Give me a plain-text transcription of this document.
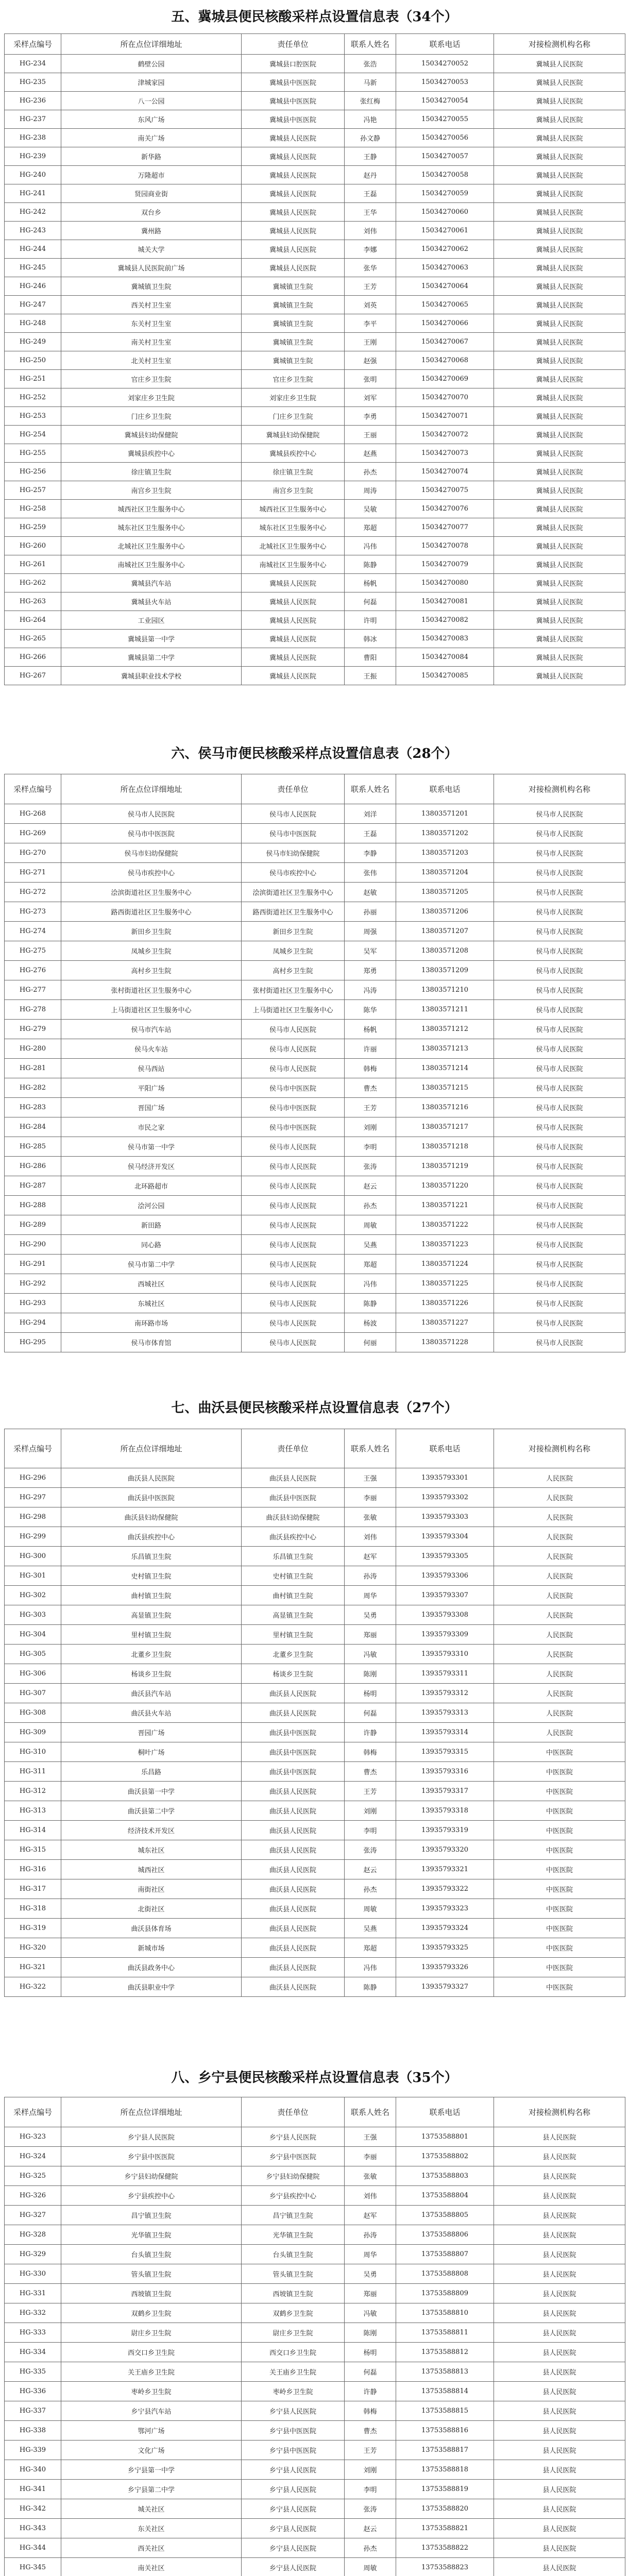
五、冀城县便民核酸采样点设置信息表（34个）
采样点编号	所在点位详细地址	责任单位	联系人姓名	联系电话	对接检测机构名称
HG-234	鹤壁公园	冀城县口腔医院	张浩	15034270052	冀城县人民医院
HG-235	津城家园	冀城县中医医院	马新	15034270053	冀城县人民医院
HG-236	八一公园	冀城县中医医院	张红梅	15034270054	冀城县人民医院
HG-237	东风广场	冀城县中医医院	冯艳	15034270055	冀城县人民医院
HG-238	南关广场	冀城县人民医院	孙文静	15034270056	冀城县人民医院
HG-239	新华路	冀城县人民医院	王静	15034270057	冀城县人民医院
HG-240	万隆超市	冀城县人民医院	赵丹	15034270058	冀城县人民医院
HG-241	贤园商业街	冀城县人民医院	王磊	15034270059	冀城县人民医院
HG-242	双台乡	冀城县人民医院	王华	15034270060	冀城县人民医院
HG-243	冀州路	冀城县人民医院	刘伟	15034270061	冀城县人民医院
HG-244	城关大学	冀城县人民医院	李娜	15034270062	冀城县人民医院
HG-245	冀城县人民医院前广场	冀城县人民医院	张华	15034270063	冀城县人民医院
HG-246	冀城镇卫生院	冀城镇卫生院	王芳	15034270064	冀城县人民医院
HG-247	西关村卫生室	冀城镇卫生院	刘英	15034270065	冀城县人民医院
HG-248	东关村卫生室	冀城镇卫生院	李平	15034270066	冀城县人民医院
HG-249	南关村卫生室	冀城镇卫生院	王刚	15034270067	冀城县人民医院
HG-250	北关村卫生室	冀城镇卫生院	赵强	15034270068	冀城县人民医院
HG-251	官庄乡卫生院	官庄乡卫生院	张明	15034270069	冀城县人民医院
HG-252	刘家庄乡卫生院	刘家庄乡卫生院	刘军	15034270070	冀城县人民医院
HG-253	门庄乡卫生院	门庄乡卫生院	李勇	15034270071	冀城县人民医院
HG-254	冀城县妇幼保健院	冀城县妇幼保健院	王丽	15034270072	冀城县人民医院
HG-255	冀城县疾控中心	冀城县疾控中心	赵燕	15034270073	冀城县人民医院
HG-256	徐庄镇卫生院	徐庄镇卫生院	孙杰	15034270074	冀城县人民医院
HG-257	南宫乡卫生院	南宫乡卫生院	周涛	15034270075	冀城县人民医院
HG-258	城西社区卫生服务中心	城西社区卫生服务中心	吴敏	15034270076	冀城县人民医院
HG-259	城东社区卫生服务中心	城东社区卫生服务中心	郑超	15034270077	冀城县人民医院
HG-260	北城社区卫生服务中心	北城社区卫生服务中心	冯伟	15034270078	冀城县人民医院
HG-261	南城社区卫生服务中心	南城社区卫生服务中心	陈静	15034270079	冀城县人民医院
HG-262	冀城县汽车站	冀城县人民医院	杨帆	15034270080	冀城县人民医院
HG-263	冀城县火车站	冀城县人民医院	何磊	15034270081	冀城县人民医院
HG-264	工业园区	冀城县人民医院	许明	15034270082	冀城县人民医院
HG-265	冀城县第一中学	冀城县人民医院	韩冰	15034270083	冀城县人民医院
HG-266	冀城县第二中学	冀城县人民医院	曹阳	15034270084	冀城县人民医院
HG-267	冀城县职业技术学校	冀城县人民医院	王振	15034270085	冀城县人民医院
六、侯马市便民核酸采样点设置信息表（28个）
采样点编号	所在点位详细地址	责任单位	联系人姓名	联系电话	对接检测机构名称
HG-268	侯马市人民医院	侯马市人民医院	刘洋	13803571201	侯马市人民医院
HG-269	侯马市中医医院	侯马市中医医院	王磊	13803571202	侯马市人民医院
HG-270	侯马市妇幼保健院	侯马市妇幼保健院	李静	13803571203	侯马市人民医院
HG-271	侯马市疾控中心	侯马市疾控中心	张伟	13803571204	侯马市人民医院
HG-272	浍滨街道社区卫生服务中心	浍滨街道社区卫生服务中心	赵敏	13803571205	侯马市人民医院
HG-273	路西街道社区卫生服务中心	路西街道社区卫生服务中心	孙丽	13803571206	侯马市人民医院
HG-274	新田乡卫生院	新田乡卫生院	周强	13803571207	侯马市人民医院
HG-275	凤城乡卫生院	凤城乡卫生院	吴军	13803571208	侯马市人民医院
HG-276	高村乡卫生院	高村乡卫生院	郑勇	13803571209	侯马市人民医院
HG-277	张村街道社区卫生服务中心	张村街道社区卫生服务中心	冯涛	13803571210	侯马市人民医院
HG-278	上马街道社区卫生服务中心	上马街道社区卫生服务中心	陈华	13803571211	侯马市人民医院
HG-279	侯马市汽车站	侯马市人民医院	杨帆	13803571212	侯马市人民医院
HG-280	侯马火车站	侯马市人民医院	许丽	13803571213	侯马市人民医院
HG-281	侯马西站	侯马市人民医院	韩梅	13803571214	侯马市人民医院
HG-282	平阳广场	侯马市中医医院	曹杰	13803571215	侯马市人民医院
HG-283	晋国广场	侯马市中医医院	王芳	13803571216	侯马市人民医院
HG-284	市民之家	侯马市中医医院	刘刚	13803571217	侯马市人民医院
HG-285	侯马市第一中学	侯马市人民医院	李明	13803571218	侯马市人民医院
HG-286	侯马经济开发区	侯马市人民医院	张涛	13803571219	侯马市人民医院
HG-287	北环路超市	侯马市人民医院	赵云	13803571220	侯马市人民医院
HG-288	浍河公园	侯马市人民医院	孙杰	13803571221	侯马市人民医院
HG-289	新田路	侯马市人民医院	周敏	13803571222	侯马市人民医院
HG-290	同心路	侯马市人民医院	吴燕	13803571223	侯马市人民医院
HG-291	侯马市第二中学	侯马市人民医院	郑超	13803571224	侯马市人民医院
HG-292	西城社区	侯马市人民医院	冯伟	13803571225	侯马市人民医院
HG-293	东城社区	侯马市人民医院	陈静	13803571226	侯马市人民医院
HG-294	南环路市场	侯马市人民医院	杨波	13803571227	侯马市人民医院
HG-295	侯马市体育馆	侯马市人民医院	何丽	13803571228	侯马市人民医院
七、曲沃县便民核酸采样点设置信息表（27个）
采样点编号	所在点位详细地址	责任单位	联系人姓名	联系电话	对接检测机构名称
HG-296	曲沃县人民医院	曲沃县人民医院	王强	13935793301	人民医院
HG-297	曲沃县中医医院	曲沃县中医医院	李丽	13935793302	人民医院
HG-298	曲沃县妇幼保健院	曲沃县妇幼保健院	张敏	13935793303	人民医院
HG-299	曲沃县疾控中心	曲沃县疾控中心	刘伟	13935793304	人民医院
HG-300	乐昌镇卫生院	乐昌镇卫生院	赵军	13935793305	人民医院
HG-301	史村镇卫生院	史村镇卫生院	孙涛	13935793306	人民医院
HG-302	曲村镇卫生院	曲村镇卫生院	周华	13935793307	人民医院
HG-303	高显镇卫生院	高显镇卫生院	吴勇	13935793308	人民医院
HG-304	里村镇卫生院	里村镇卫生院	郑丽	13935793309	人民医院
HG-305	北董乡卫生院	北董乡卫生院	冯敏	13935793310	人民医院
HG-306	杨谈乡卫生院	杨谈乡卫生院	陈刚	13935793311	人民医院
HG-307	曲沃县汽车站	曲沃县人民医院	杨明	13935793312	人民医院
HG-308	曲沃县火车站	曲沃县人民医院	何磊	13935793313	人民医院
HG-309	晋园广场	曲沃县中医医院	许静	13935793314	人民医院
HG-310	桐叶广场	曲沃县中医医院	韩梅	13935793315	中医医院
HG-311	乐昌路	曲沃县中医医院	曹杰	13935793316	中医医院
HG-312	曲沃县第一中学	曲沃县人民医院	王芳	13935793317	中医医院
HG-313	曲沃县第二中学	曲沃县人民医院	刘刚	13935793318	中医医院
HG-314	经济技术开发区	曲沃县人民医院	李明	13935793319	中医医院
HG-315	城东社区	曲沃县人民医院	张涛	13935793320	中医医院
HG-316	城西社区	曲沃县人民医院	赵云	13935793321	中医医院
HG-317	南街社区	曲沃县人民医院	孙杰	13935793322	中医医院
HG-318	北街社区	曲沃县人民医院	周敏	13935793323	中医医院
HG-319	曲沃县体育场	曲沃县人民医院	吴燕	13935793324	中医医院
HG-320	新城市场	曲沃县人民医院	郑超	13935793325	中医医院
HG-321	曲沃县政务中心	曲沃县人民医院	冯伟	13935793326	中医医院
HG-322	曲沃县职业中学	曲沃县人民医院	陈静	13935793327	中医医院
八、乡宁县便民核酸采样点设置信息表（35个）
采样点编号	所在点位详细地址	责任单位	联系人姓名	联系电话	对接检测机构名称
HG-323	乡宁县人民医院	乡宁县人民医院	王强	13753588801	县人民医院
HG-324	乡宁县中医医院	乡宁县中医医院	李丽	13753588802	县人民医院
HG-325	乡宁县妇幼保健院	乡宁县妇幼保健院	张敏	13753588803	县人民医院
HG-326	乡宁县疾控中心	乡宁县疾控中心	刘伟	13753588804	县人民医院
HG-327	昌宁镇卫生院	昌宁镇卫生院	赵军	13753588805	县人民医院
HG-328	光华镇卫生院	光华镇卫生院	孙涛	13753588806	县人民医院
HG-329	台头镇卫生院	台头镇卫生院	周华	13753588807	县人民医院
HG-330	管头镇卫生院	管头镇卫生院	吴勇	13753588808	县人民医院
HG-331	西坡镇卫生院	西坡镇卫生院	郑丽	13753588809	县人民医院
HG-332	双鹤乡卫生院	双鹤乡卫生院	冯敏	13753588810	县人民医院
HG-333	尉庄乡卫生院	尉庄乡卫生院	陈刚	13753588811	县人民医院
HG-334	西交口乡卫生院	西交口乡卫生院	杨明	13753588812	县人民医院
HG-335	关王庙乡卫生院	关王庙乡卫生院	何磊	13753588813	县人民医院
HG-336	枣岭乡卫生院	枣岭乡卫生院	许静	13753588814	县人民医院
HG-337	乡宁县汽车站	乡宁县人民医院	韩梅	13753588815	县人民医院
HG-338	鄂河广场	乡宁县中医医院	曹杰	13753588816	县人民医院
HG-339	文化广场	乡宁县中医医院	王芳	13753588817	县人民医院
HG-340	乡宁县第一中学	乡宁县人民医院	刘刚	13753588818	县人民医院
HG-341	乡宁县第二中学	乡宁县人民医院	李明	13753588819	县人民医院
HG-342	城关社区	乡宁县人民医院	张涛	13753588820	县人民医院
HG-343	东关社区	乡宁县人民医院	赵云	13753588821	县人民医院
HG-344	西关社区	乡宁县人民医院	孙杰	13753588822	县人民医院
HG-345	南关社区	乡宁县人民医院	周敏	13753588823	县人民医院
